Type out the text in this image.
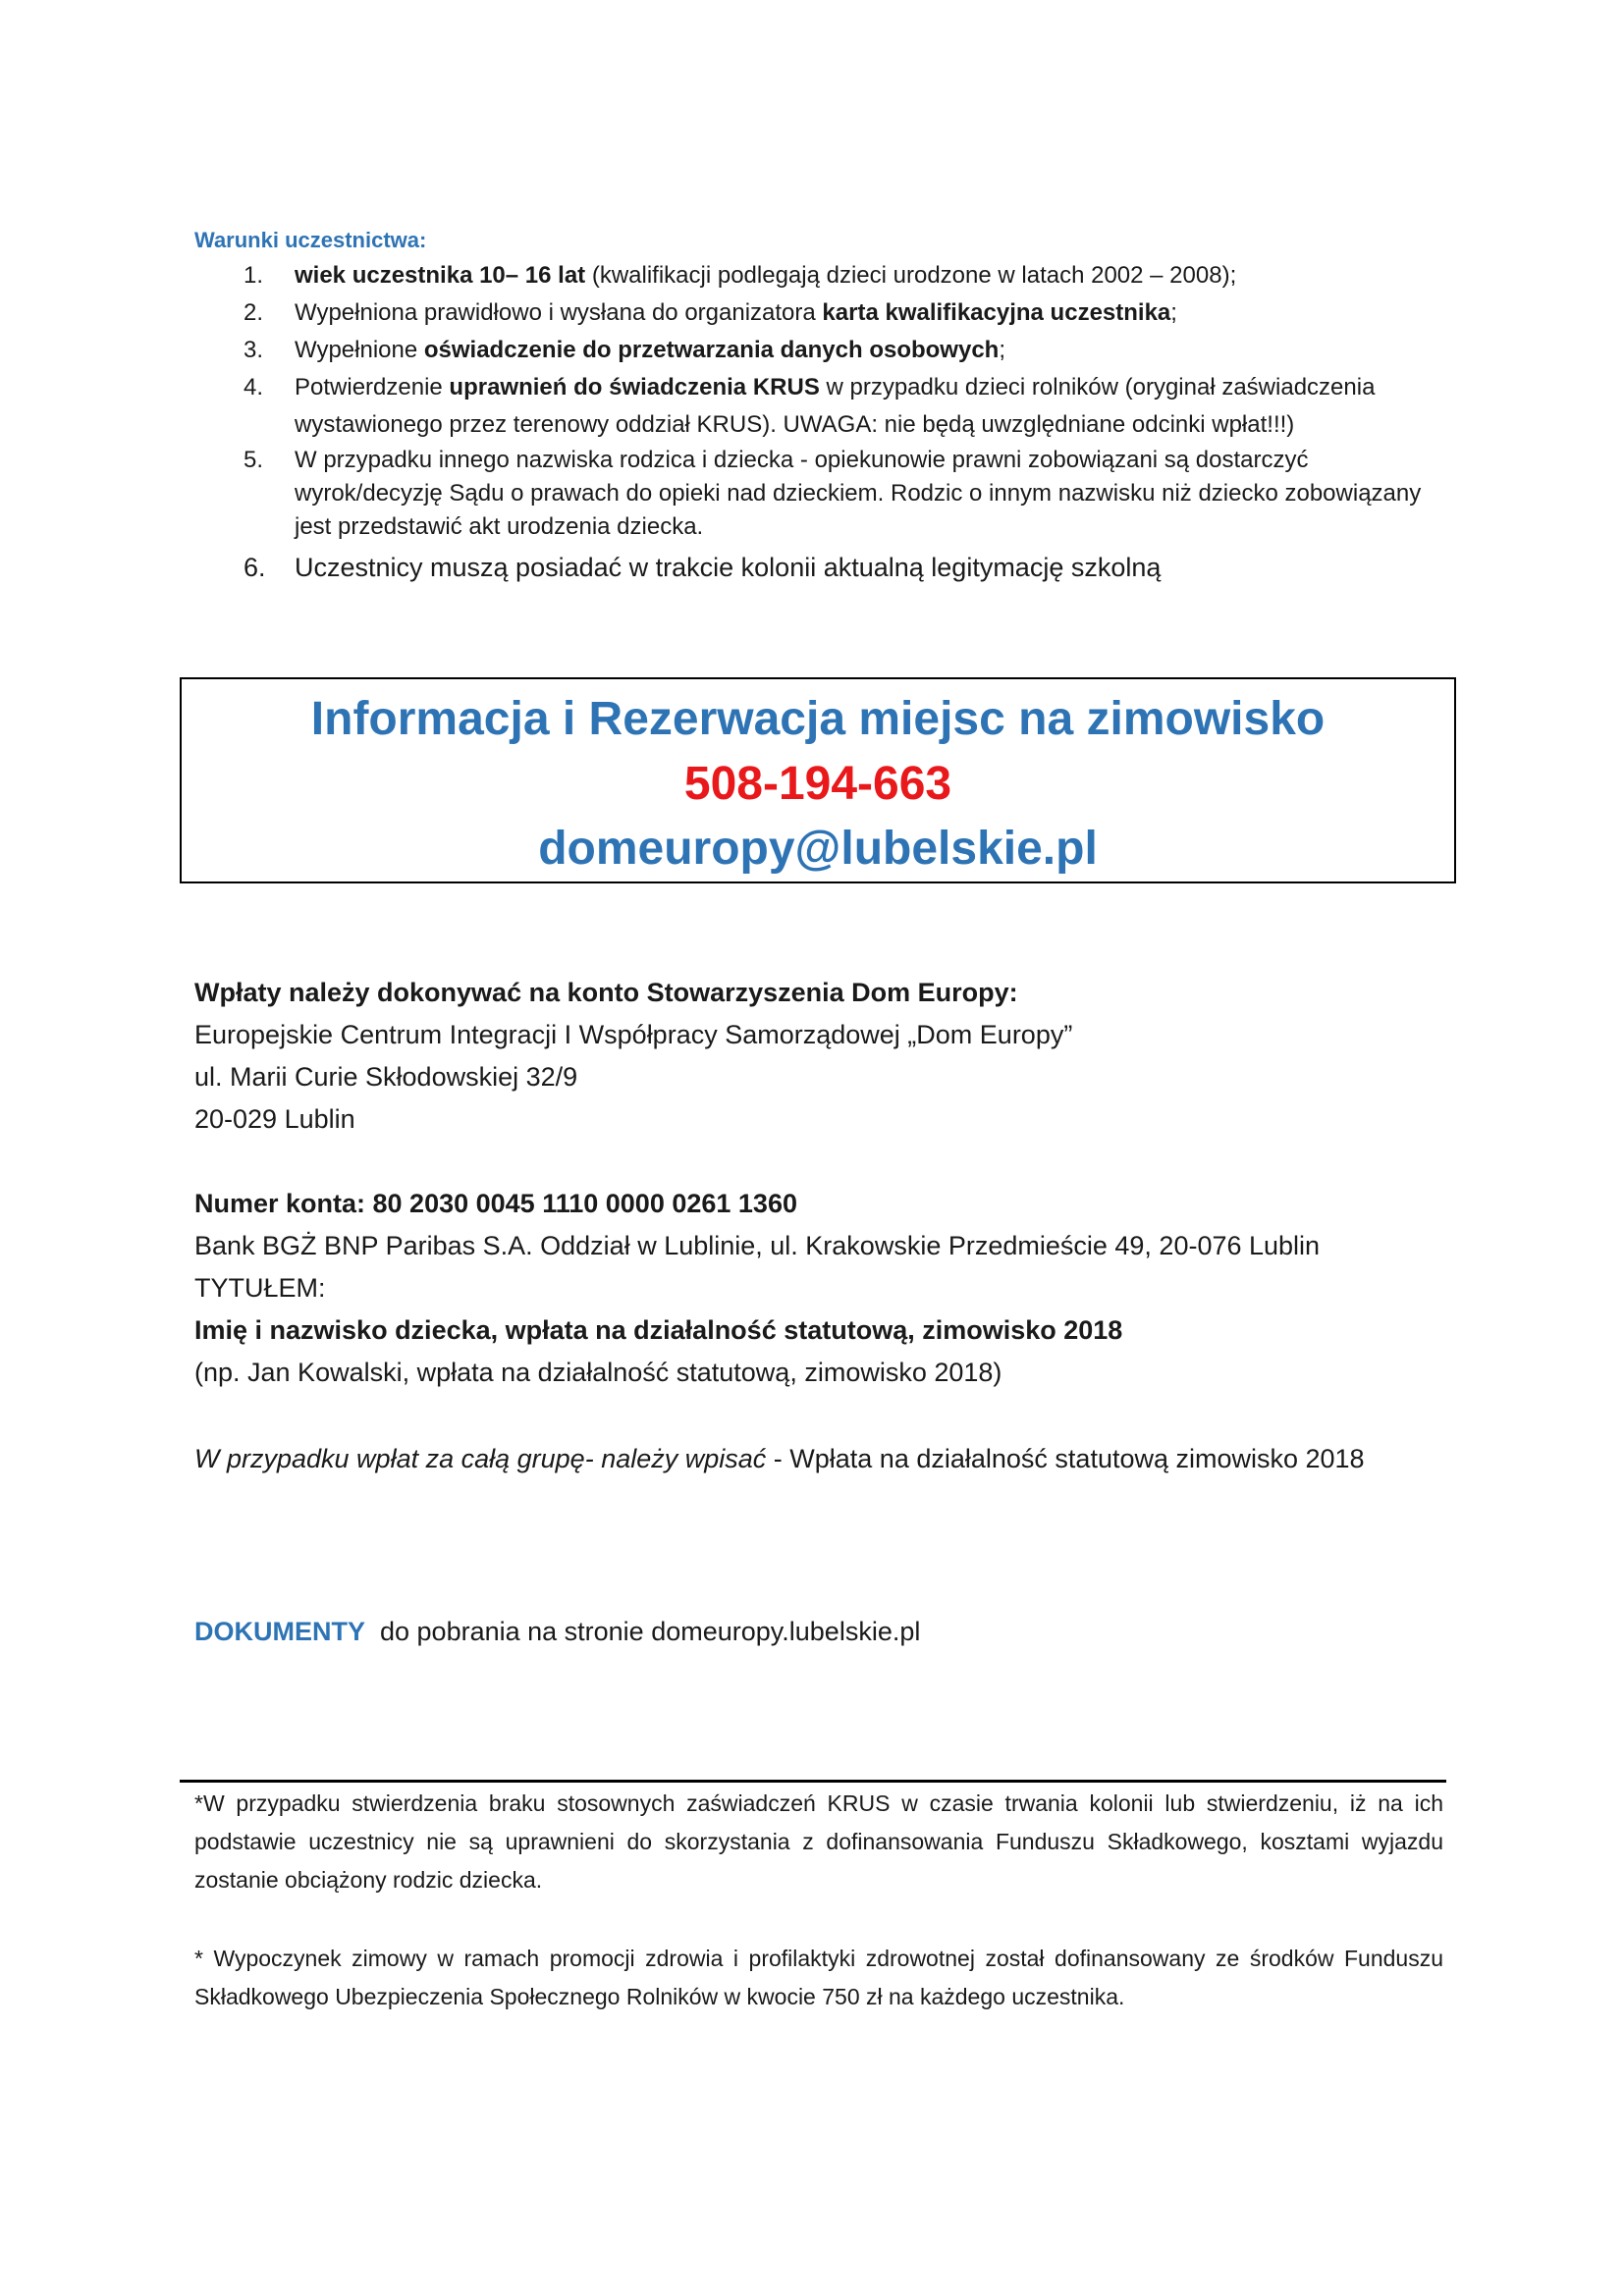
Warunki uczestnictwa:
1.	wiek uczestnika 10– 16 lat (kwalifikacji podlegają dzieci urodzone w latach 2002 – 2008);
2.	Wypełniona prawidłowo i wysłana do organizatora karta kwalifikacyjna uczestnika;
3.	Wypełnione oświadczenie do przetwarzania danych osobowych;
4.	Potwierdzenie uprawnień do świadczenia KRUS w przypadku dzieci rolników (oryginał zaświadczenia wystawionego przez terenowy oddział KRUS). UWAGA: nie będą uwzględniane odcinki wpłat!!!)
5.	W przypadku innego nazwiska rodzica i dziecka - opiekunowie prawni zobowiązani są dostarczyć wyrok/decyzję Sądu o prawach do opieki nad dzieckiem. Rodzic o innym nazwisku niż dziecko zobowiązany jest przedstawić akt urodzenia dziecka.
6.	Uczestnicy muszą posiadać w trakcie kolonii aktualną legitymację szkolną
Informacja i Rezerwacja miejsc na zimowisko
508-194-663
domeuropy@lubelskie.pl
Wpłaty należy dokonywać na konto Stowarzyszenia Dom Europy:
Europejskie Centrum Integracji I Współpracy Samorządowej „Dom Europy”
ul. Marii Curie Skłodowskiej 32/9
20-029 Lublin
Numer konta: 80 2030 0045 1110 0000 0261 1360
Bank BGŻ BNP Paribas S.A. Oddział w Lublinie, ul. Krakowskie Przedmieście 49, 20-076 Lublin
TYTUŁEM:
Imię i nazwisko dziecka, wpłata na działalność statutową, zimowisko 2018
(np. Jan Kowalski, wpłata na działalność statutową, zimowisko 2018)
W przypadku wpłat za całą grupę- należy wpisać - Wpłata na działalność statutową zimowisko 2018
DOKUMENTY  do pobrania na stronie domeuropy.lubelskie.pl
*W przypadku stwierdzenia braku stosownych zaświadczeń KRUS w czasie trwania kolonii lub stwierdzeniu, iż na ich podstawie uczestnicy nie są uprawnieni do skorzystania z dofinansowania Funduszu Składkowego, kosztami wyjazdu zostanie obciążony rodzic dziecka.
* Wypoczynek zimowy w ramach promocji zdrowia i profilaktyki zdrowotnej został dofinansowany ze środków Funduszu Składkowego Ubezpieczenia Społecznego Rolników w kwocie 750 zł na każdego uczestnika.
